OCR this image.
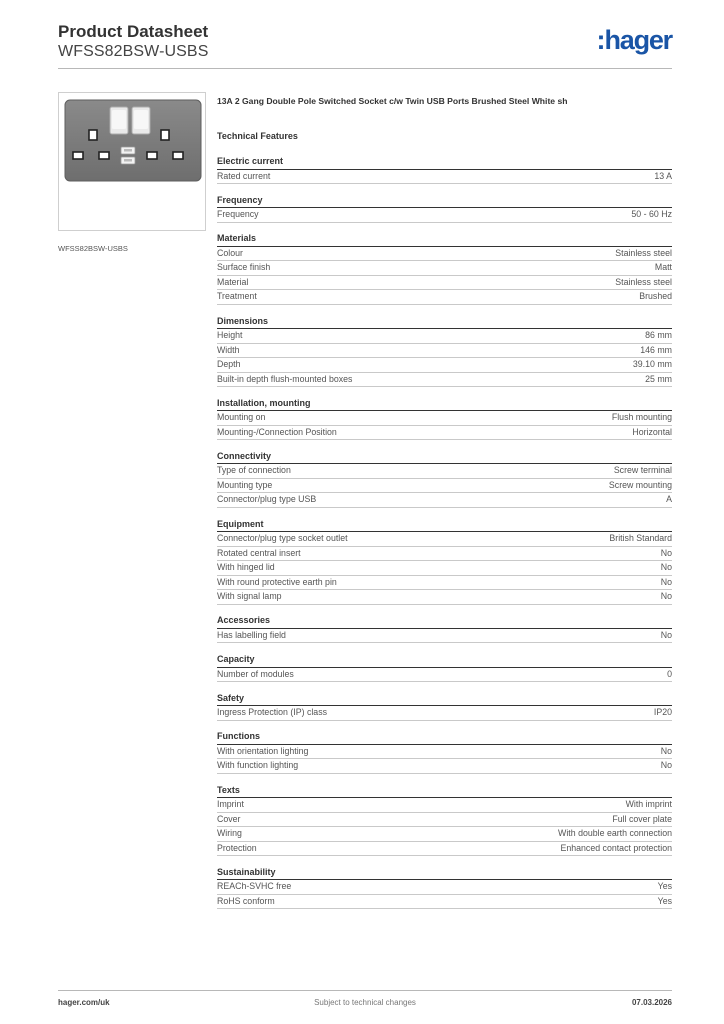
Product Datasheet
WFSS82BSW-USBS	:hager
WFSS82BSW-USBS
13A 2 Gang Double Pole Switched Socket c/w Twin USB Ports Brushed Steel White sh
Technical Features
Electric current
Rated current	13 A
Frequency
Frequency	50 - 60 Hz
Materials
Colour	Stainless steel
Surface finish	Matt
Material	Stainless steel
Treatment	Brushed
Dimensions
Height	86 mm
Width	146 mm
Depth	39.10 mm
Built-in depth flush-mounted boxes	25 mm
Installation, mounting
Mounting on	Flush mounting
Mounting-/Connection Position	Horizontal
Connectivity
Type of connection	Screw terminal
Mounting type	Screw mounting
Connector/plug type USB	A
Equipment
Connector/plug type socket outlet	British Standard
Rotated central insert	No
With hinged lid	No
With round protective earth pin	No
With signal lamp	No
Accessories
Has labelling field	No
Capacity
Number of modules	0
Safety
Ingress Protection (IP) class	IP20
Functions
With orientation lighting	No
With function lighting	No
Texts
Imprint	With imprint
Cover	Full cover plate
Wiring	With double earth connection
Protection	Enhanced contact protection
Sustainability
REACh-SVHC free	Yes
RoHS conform	Yes
hager.com/uk	Subject to technical changes	07.03.2026
